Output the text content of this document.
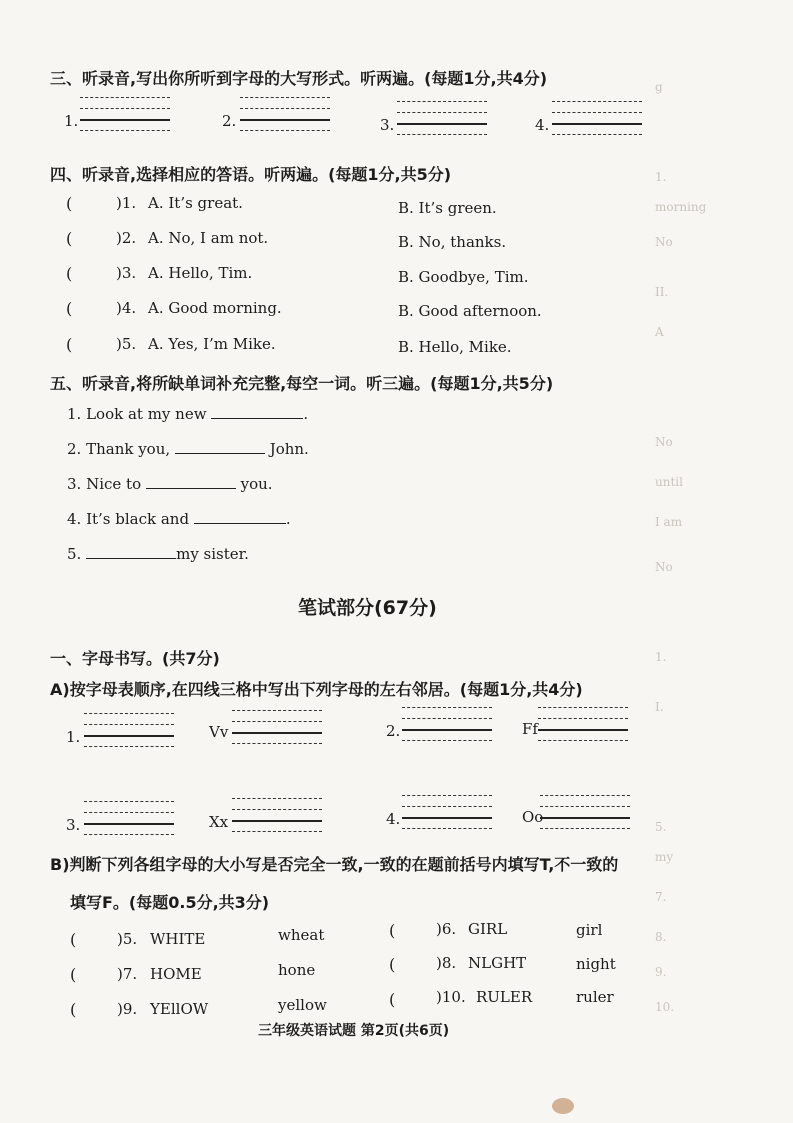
g
1.
morning
No
II.
A
No
until
I am
No
1.
I.
5.
my
7.
8.
9.
10.
三、听录音,写出你所听到字母的大写形式。听两遍。(每题1分,共4分)
1.	2.	3.	4.
四、听录音,选择相应的答语。听两遍。(每题1分,共5分)
(	)1. A. It’s great.	B. It’s green.
(	)2. A. No, I am not.	B. No, thanks.
(	)3. A. Hello, Tim.	B. Goodbye, Tim.
(	)4. A. Good morning.	B. Good afternoon.
(	)5. A. Yes, I’m Mike.	B. Hello, Mike.
五、听录音,将所缺单词补充完整,每空一词。听三遍。(每题1分,共5分)
1. Look at my new	.
2. Thank you,	John.
3. Nice to	you.
4. It’s black and	.
5.	my sister.
笔试部分(67分)
一、字母书写。(共7分)
A)按字母表顺序,在四线三格中写出下列字母的左右邻居。(每题1分,共4分)
1.	Vv	2.	Ff
3.	Xx	4.	Oo
B)判断下列各组字母的大小写是否完全一致,一致的在题前括号内填写T,不一致的
填写F。(每题0.5分,共3分)
(	)5. WHITE	wheat	(	)6. GIRL	girl
(	)7. HOME	hone	(	)8. NLGHT	night
(	)9. YEllOW	yellow	(	)10. RULER	ruler
三年级英语试题 第2页(共6页)
